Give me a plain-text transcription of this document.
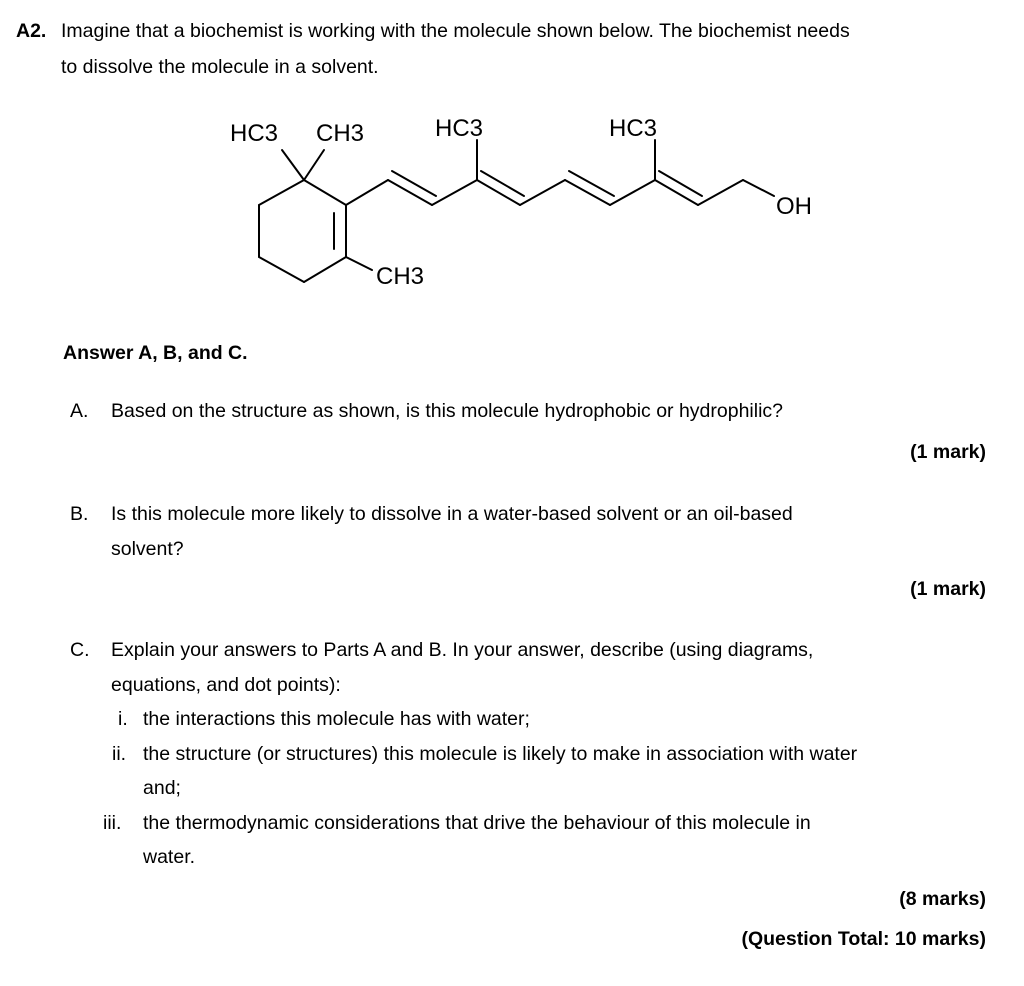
A2. Imagine that a biochemist is working with the molecule shown below. The biochemist needs
to dissolve the molecule in a solvent.
HC3 CH3	HC3	HC3
OH
CH3
Answer A, B, and C.
A. Based on the structure as shown, is this molecule hydrophobic or hydrophilic?
(1 mark)
B. Is this molecule more likely to dissolve in a water-based solvent or an oil-based
solvent?
(1 mark)
C. Explain your answers to Parts A and B. In your answer, describe (using diagrams,
equations, and dot points):
i. the interactions this molecule has with water;
ii. the structure (or structures) this molecule is likely to make in association with water
and;
iii. the thermodynamic considerations that drive the behaviour of this molecule in
water.
(8 marks)
(Question Total: 10 marks)
